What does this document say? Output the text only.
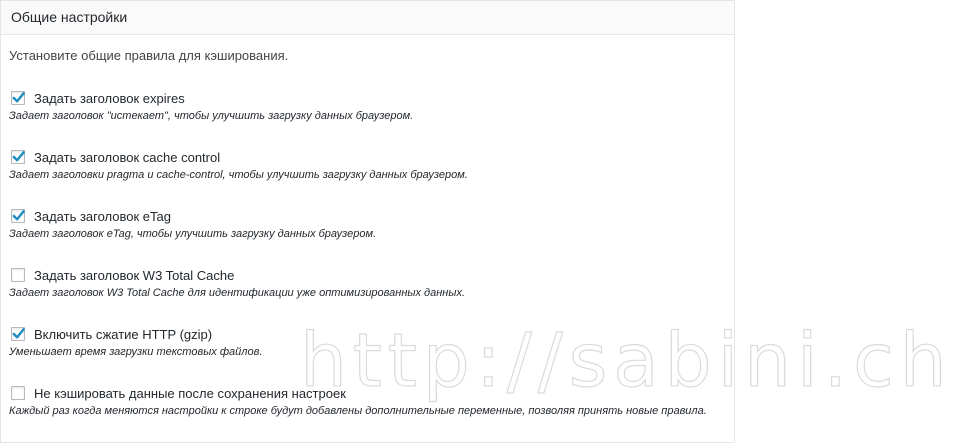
Общие настройки
Установите общие правила для кэширования.
Задать заголовок expires
Задает заголовок "истекает", чтобы улучшить загрузку данных браузером.
Задать заголовок cache control
Задает заголовки pragma и cache-control, чтобы улучшить загрузку данных браузером.
Задать заголовок eTag
Задает заголовок eTag, чтобы улучшить загрузку данных браузером.
Задать заголовок W3 Total Cache
Задает заголовок W3 Total Cache для идентификации уже оптимизированных данных.
Включить сжатие HTTP (gzip)
Уменьшает время загрузки текстовых файлов.
Не кэшировать данные после сохранения настроек
Каждый раз когда меняются настройки к строке будут добавлены дополнительные переменные, позволяя принять новые правила.
